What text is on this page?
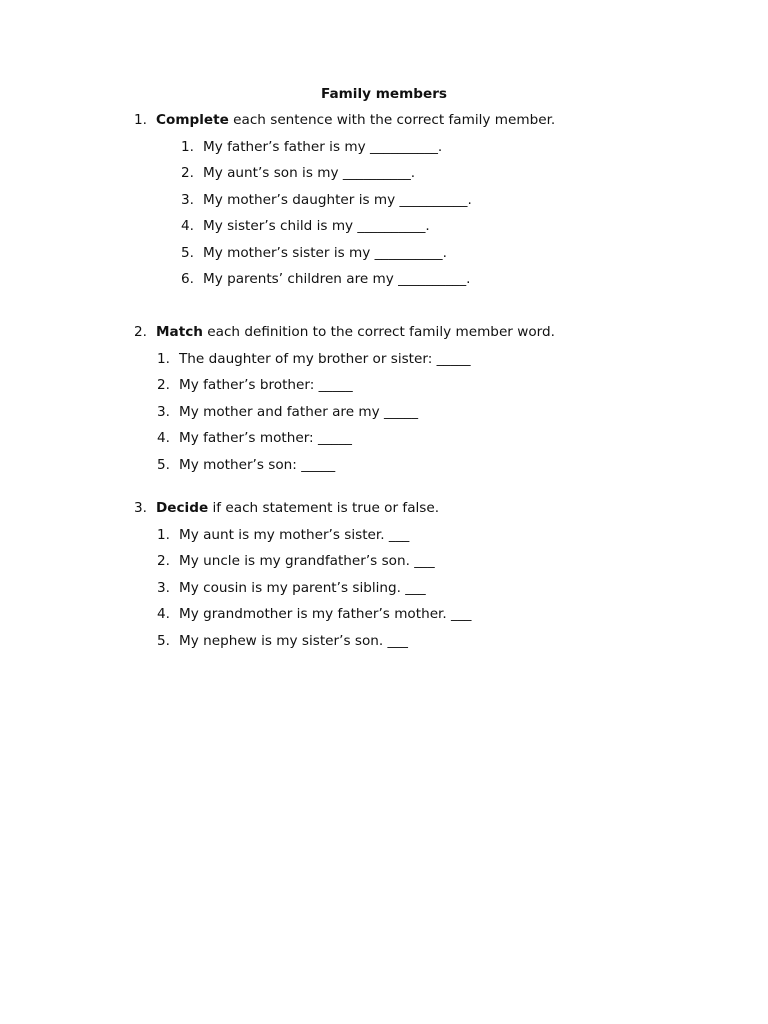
Family members
1. Complete each sentence with the correct family member.
1. My father’s father is my __________.
2. My aunt’s son is my __________.
3. My mother’s daughter is my __________.
4. My sister’s child is my __________.
5. My mother’s sister is my __________.
6. My parents’ children are my __________.
2. Match each definition to the correct family member word.
1. The daughter of my brother or sister: _____
2. My father’s brother: _____
3. My mother and father are my _____
4. My father’s mother: _____
5. My mother’s son: _____
3. Decide if each statement is true or false.
1. My aunt is my mother’s sister. ___
2. My uncle is my grandfather’s son. ___
3. My cousin is my parent’s sibling. ___
4. My grandmother is my father’s mother. ___
5. My nephew is my sister’s son. ___
